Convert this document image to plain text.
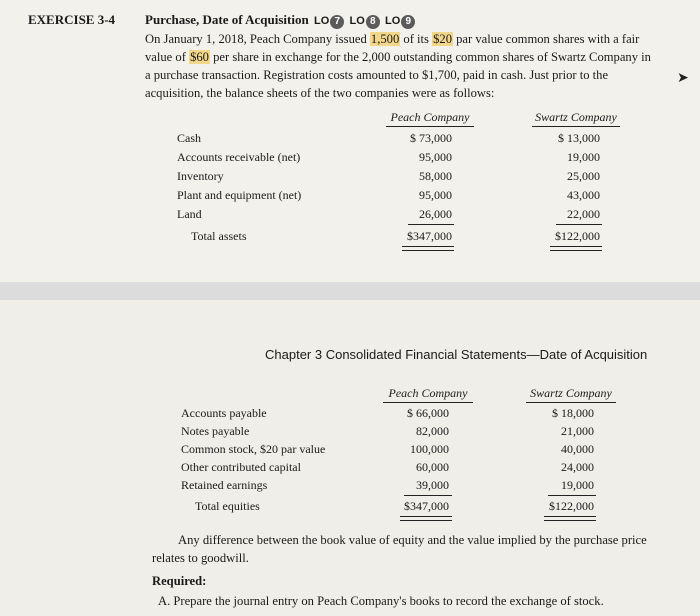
EXERCISE 3-4 Purchase, Date of Acquisition LO 7 LO 8 LO 9
On January 1, 2018, Peach Company issued 1,500 of its $20 par value common shares with a fair value of $60 per share in exchange for the 2,000 outstanding common shares of Swartz Company in a purchase transaction. Registration costs amounted to $1,700, paid in cash. Just prior to the acquisition, the balance sheets of the two companies were as follows:
➤
Peach Company	Swartz Company
Cash	$ 73,000	$ 13,000
Accounts receivable (net)	95,000	19,000
Inventory	58,000	25,000
Plant and equipment (net)	95,000	43,000
Land	26,000	22,000
Total assets	$347,000	$122,000
Chapter 3 Consolidated Financial Statements—Date of Acquisition
Peach Company	Swartz Company
Accounts payable	$ 66,000	$ 18,000
Notes payable	82,000	21,000
Common stock, $20 par value	100,000	40,000
Other contributed capital	60,000	24,000
Retained earnings	39,000	19,000
Total equities	$347,000	$122,000
Any difference between the book value of equity and the value implied by the purchase price relates to goodwill.
Required:
A. Prepare the journal entry on Peach Company's books to record the exchange of stock.
